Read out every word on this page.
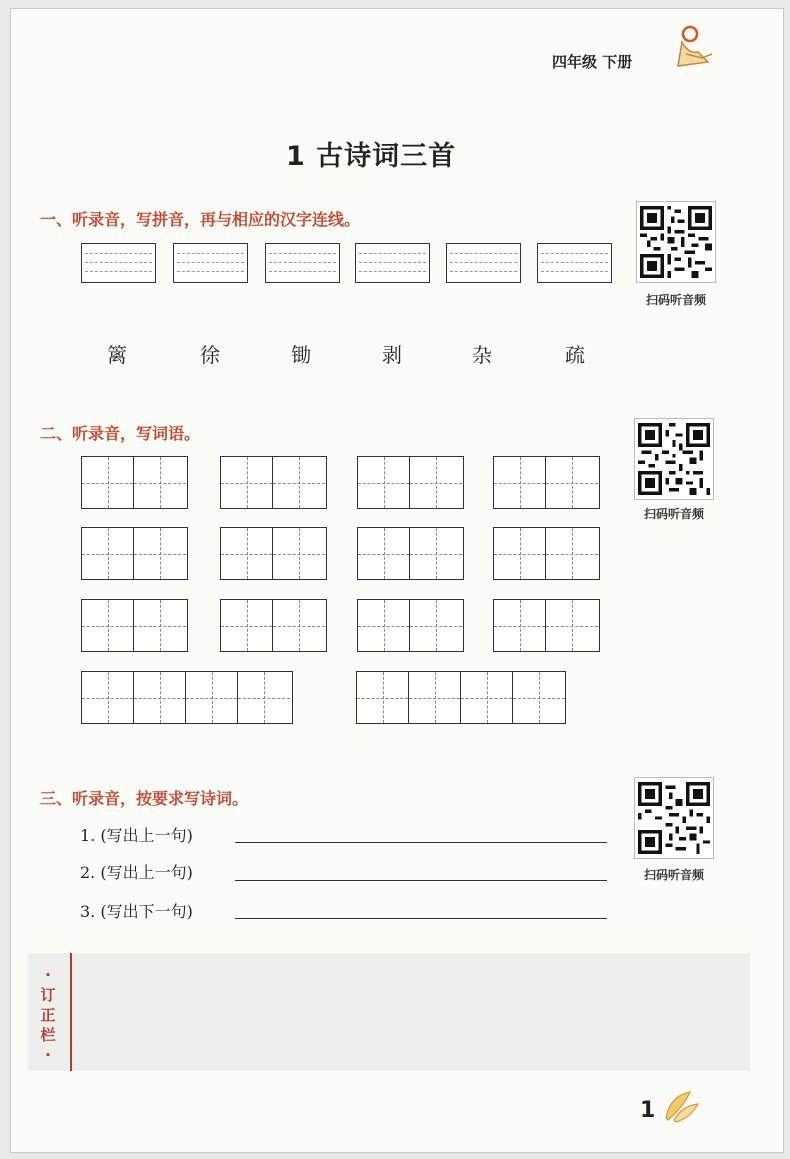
四年级 下册
1 古诗词三首
扫码听音频
扫码听音频
扫码听音频
一、听录音，写拼音，再与相应的汉字连线。
篱	徐	锄	剥	杂	疏
二、听录音，写词语。
三、听录音，按要求写诗词。
1. (写出上一句)
2. (写出上一句)
3. (写出下一句)
·订正栏·
1
